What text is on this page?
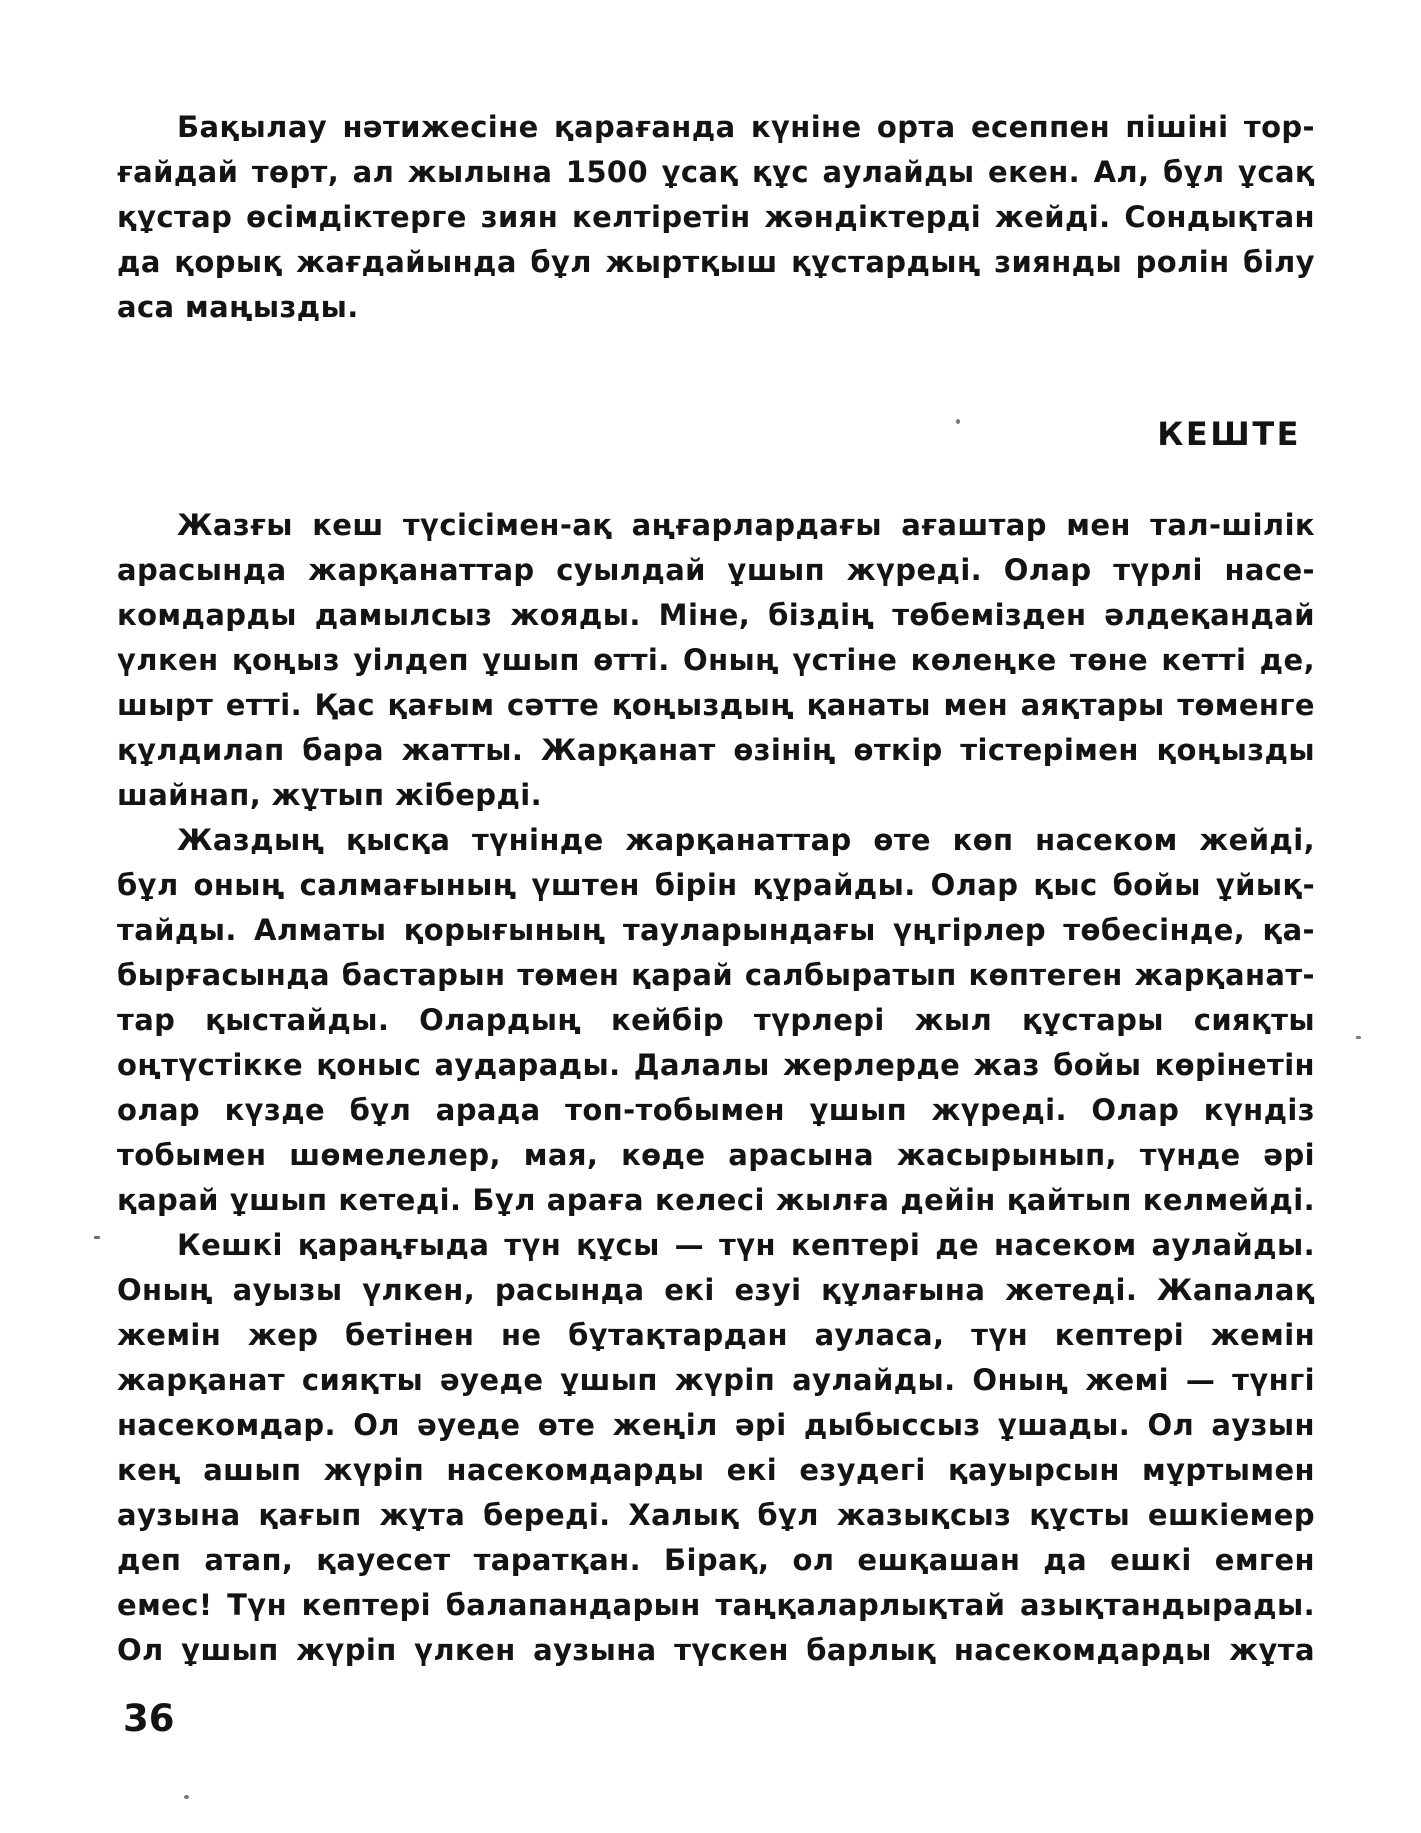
Бақылау нәтижесіне қарағанда күніне орта есеппен пішіні тор-
ғайдай төрт, ал жылына 1500 ұсақ құс аулайды екен. Ал, бұл ұсақ
құстар өсімдіктерге зиян келтіретін жәндіктерді жейді. Сондықтан
да қорық жағдайында бұл жыртқыш құстардың зиянды ролін білу
аса маңызды.
КЕШТЕ
Жазғы кеш түсісімен-ақ аңғарлардағы ағаштар мен тал-шілік
арасында жарқанаттар суылдай ұшып жүреді. Олар түрлі насе-
комдарды дамылсыз жояды. Міне, біздің төбемізден әлдеқандай
үлкен қоңыз уілдеп ұшып өтті. Оның үстіне көлеңке төне кетті де,
шырт етті. Қас қағым сәтте қоңыздың қанаты мен аяқтары төменге
құлдилап бара жатты. Жарқанат өзінің өткір тістерімен қоңызды
шайнап, жұтып жіберді.
Жаздың қысқа түнінде жарқанаттар өте көп насеком жейді,
бұл оның салмағының үштен бірін құрайды. Олар қыс бойы ұйық-
тайды. Алматы қорығының тауларындағы үңгірлер төбесінде, қа-
бырғасында бастарын төмен қарай салбыратып көптеген жарқанат-
тар қыстайды. Олардың кейбір түрлері жыл құстары сияқты
оңтүстікке қоныс аударады. Далалы жерлерде жаз бойы көрінетін
олар күзде бұл арада топ-тобымен ұшып жүреді. Олар күндіз
тобымен шөмелелер, мая, көде арасына жасырынып, түнде әрі
қарай ұшып кетеді. Бұл араға келесі жылға дейін қайтып келмейді.
Кешкі қараңғыда түн құсы — түн кептері де насеком аулайды.
Оның ауызы үлкен, расында екі езуі құлағына жетеді. Жапалақ
жемін жер бетінен не бұтақтардан ауласа, түн кептері жемін
жарқанат сияқты әуеде ұшып жүріп аулайды. Оның жемі — түнгі
насекомдар. Ол әуеде өте жеңіл әрі дыбыссыз ұшады. Ол аузын
кең ашып жүріп насекомдарды екі езудегі қауырсын мұртымен
аузына қағып жұта береді. Халық бұл жазықсыз құсты ешкіемер
деп атап, қауесет таратқан. Бірақ, ол ешқашан да ешкі емген
емес! Түн кептері балапандарын таңқаларлықтай азықтандырады.
Ол ұшып жүріп үлкен аузына түскен барлық насекомдарды жұта
36
